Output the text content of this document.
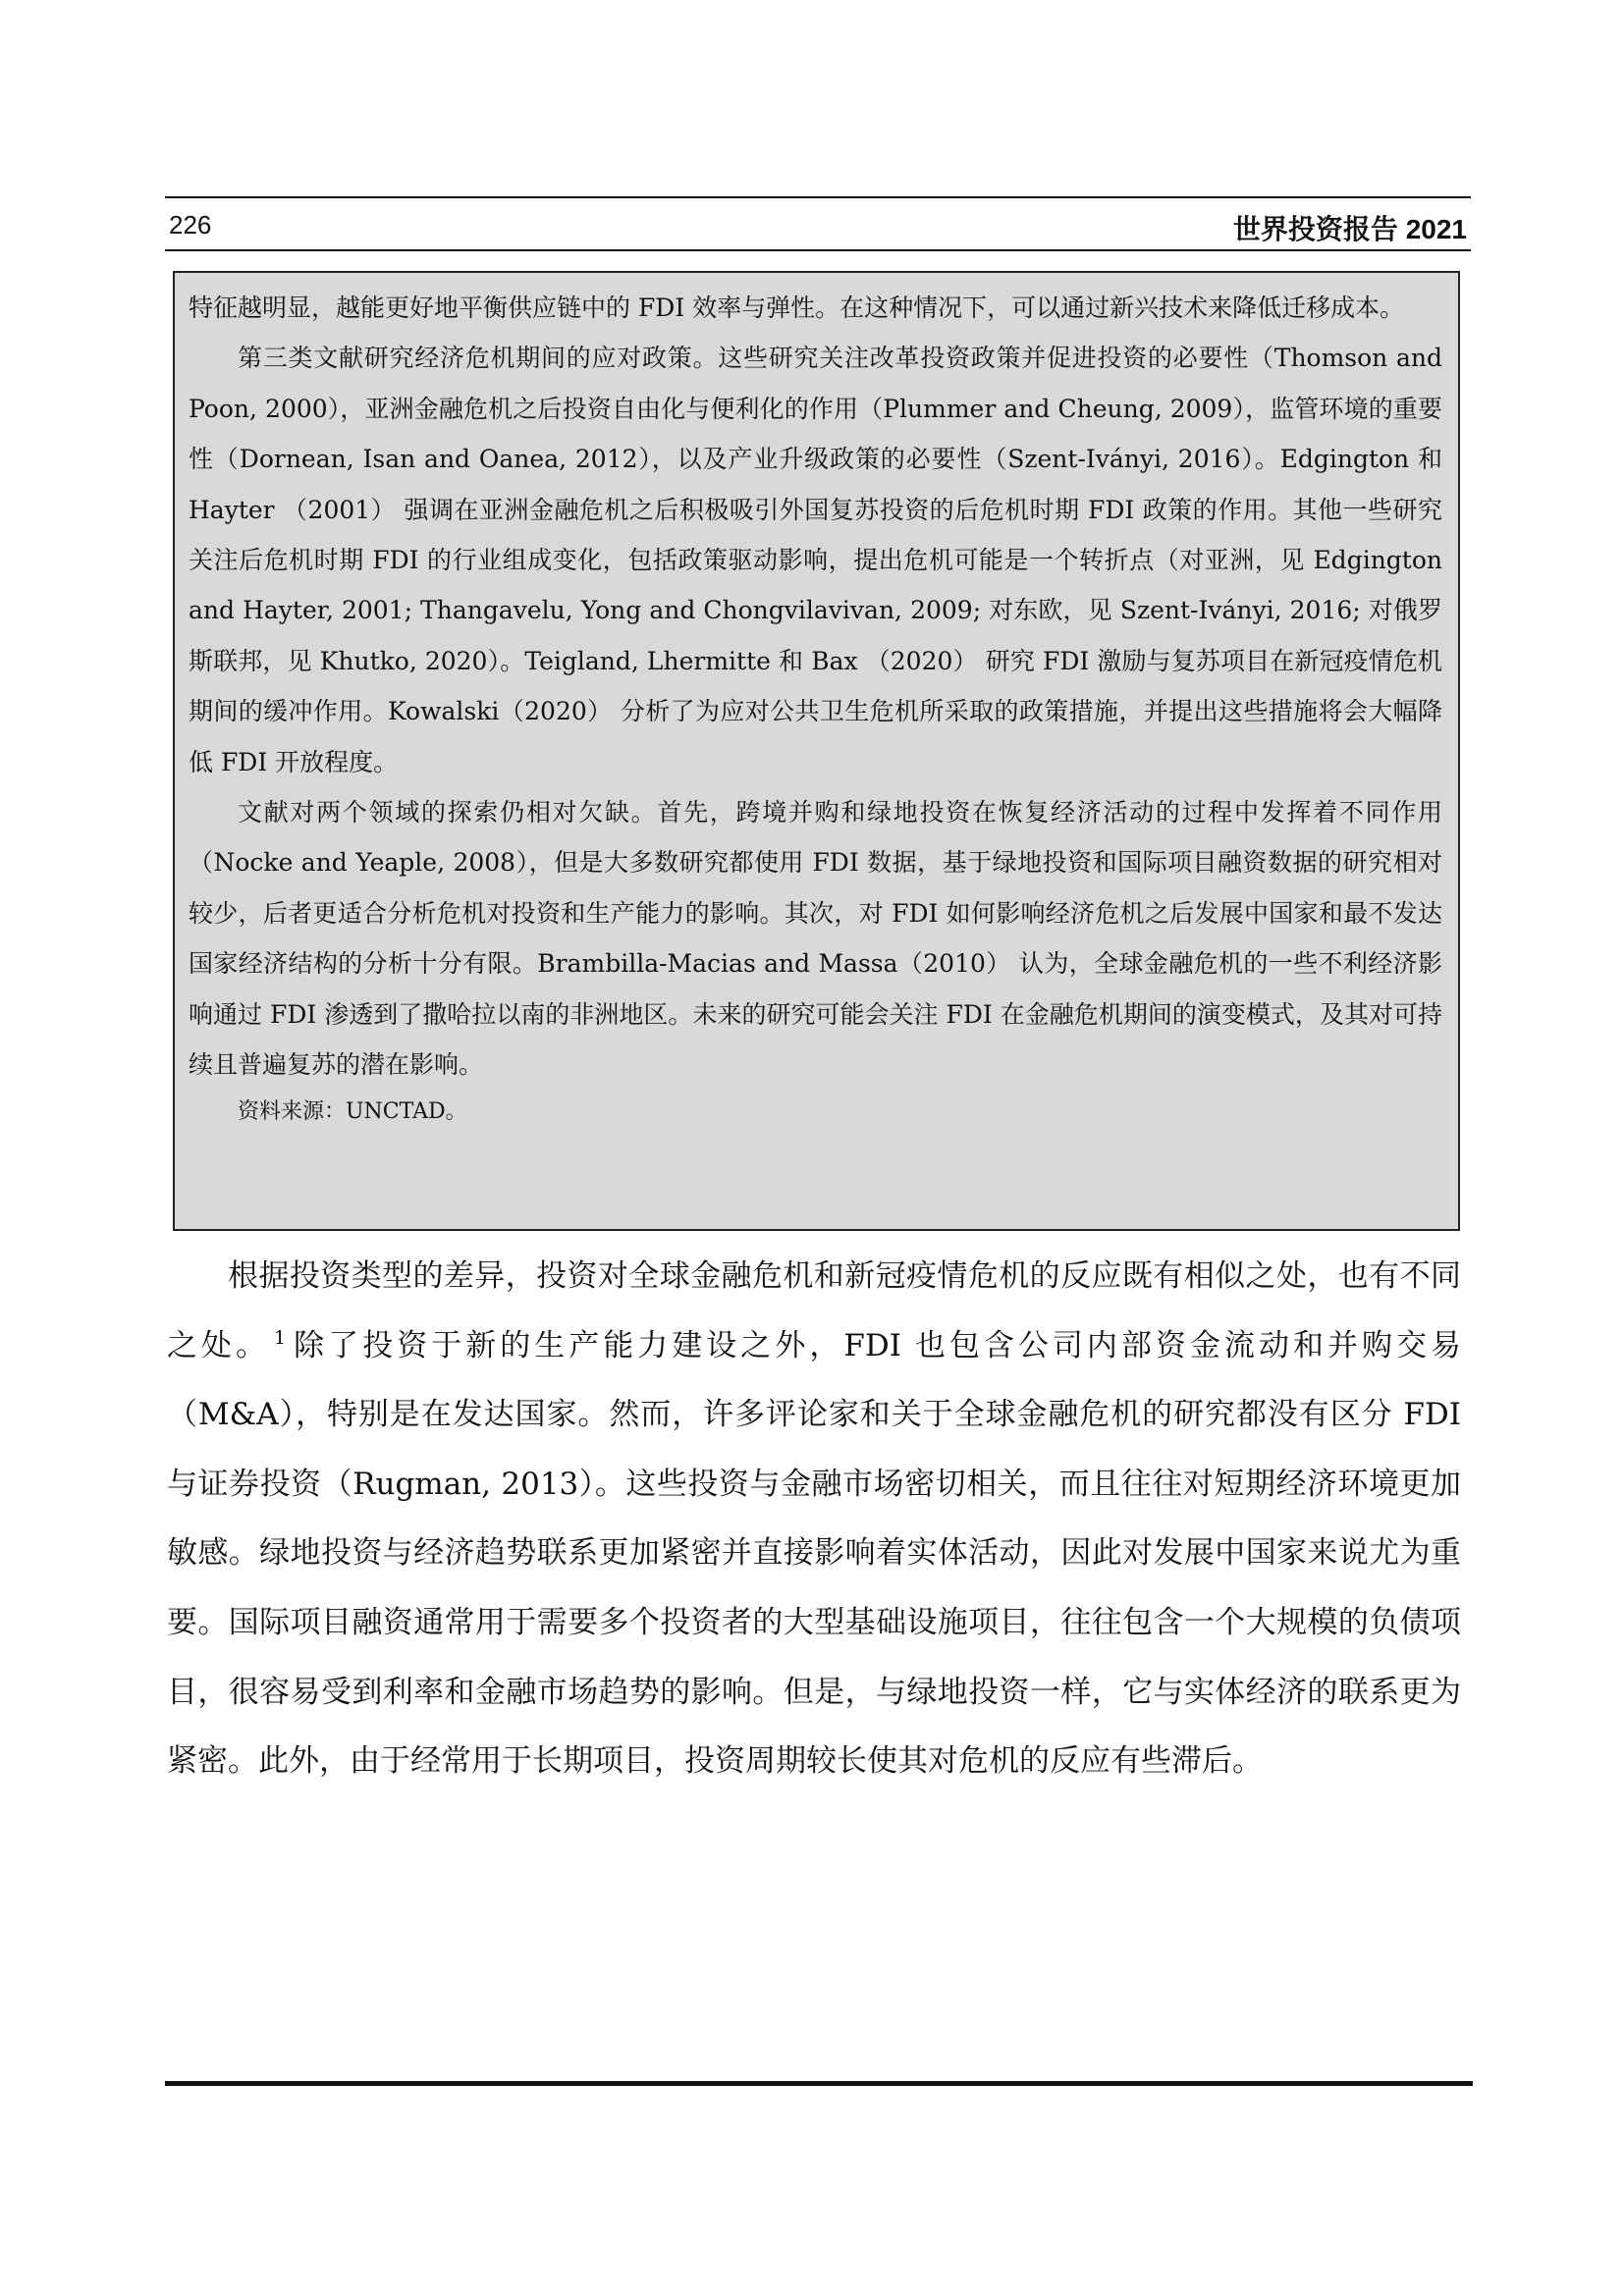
226	世界投资报告 2021

特征越明显，越能更好地平衡供应链中的 FDI 效率与弹性。在这种情况下，可以通过新兴技术来降低迁移成本。

第三类文献研究经济危机期间的应对政策。这些研究关注改革投资政策并促进投资的必要性（Thomson and Poon, 2000），亚洲金融危机之后投资自由化与便利化的作用（Plummer and Cheung, 2009），监管环境的重要性（Dornean, Isan and Oanea, 2012），以及产业升级政策的必要性（Szent-Iványi, 2016）。Edgington 和 Hayter （2001） 强调在亚洲金融危机之后积极吸引外国复苏投资的后危机时期 FDI 政策的作用。其他一些研究关注后危机时期 FDI 的行业组成变化，包括政策驱动影响，提出危机可能是一个转折点（对亚洲，见 Edgington and Hayter, 2001; Thangavelu, Yong and Chongvilavivan, 2009; 对东欧，见 Szent-Iványi, 2016; 对俄罗斯联邦，见 Khutko, 2020）。Teigland, Lhermitte 和 Bax （2020） 研究 FDI 激励与复苏项目在新冠疫情危机期间的缓冲作用。Kowalski（2020） 分析了为应对公共卫生危机所采取的政策措施，并提出这些措施将会大幅降低 FDI 开放程度。

文献对两个领域的探索仍相对欠缺。首先，跨境并购和绿地投资在恢复经济活动的过程中发挥着不同作用（Nocke and Yeaple, 2008），但是大多数研究都使用 FDI 数据，基于绿地投资和国际项目融资数据的研究相对较少，后者更适合分析危机对投资和生产能力的影响。其次，对 FDI 如何影响经济危机之后发展中国家和最不发达国家经济结构的分析十分有限。Brambilla-Macias and Massa（2010） 认为，全球金融危机的一些不利经济影响通过 FDI 渗透到了撒哈拉以南的非洲地区。未来的研究可能会关注 FDI 在金融危机期间的演变模式，及其对可持续且普遍复苏的潜在影响。

资料来源：UNCTAD。

根据投资类型的差异，投资对全球金融危机和新冠疫情危机的反应既有相似之处，也有不同之处。 $^1$ 除了投资于新的生产能力建设之外，FDI 也包含公司内部资金流动和并购交易（M&A），特别是在发达国家。然而，许多评论家和关于全球金融危机的研究都没有区分 FDI 与证券投资（Rugman, 2013）。这些投资与金融市场密切相关，而且往往对短期经济环境更加敏感。绿地投资与经济趋势联系更加紧密并直接影响着实体活动，因此对发展中国家来说尤为重要。国际项目融资通常用于需要多个投资者的大型基础设施项目，往往包含一个大规模的负债项目，很容易受到利率和金融市场趋势的影响。但是，与绿地投资一样，它与实体经济的联系更为紧密。此外，由于经常用于长期项目，投资周期较长使其对危机的反应有些滞后。
